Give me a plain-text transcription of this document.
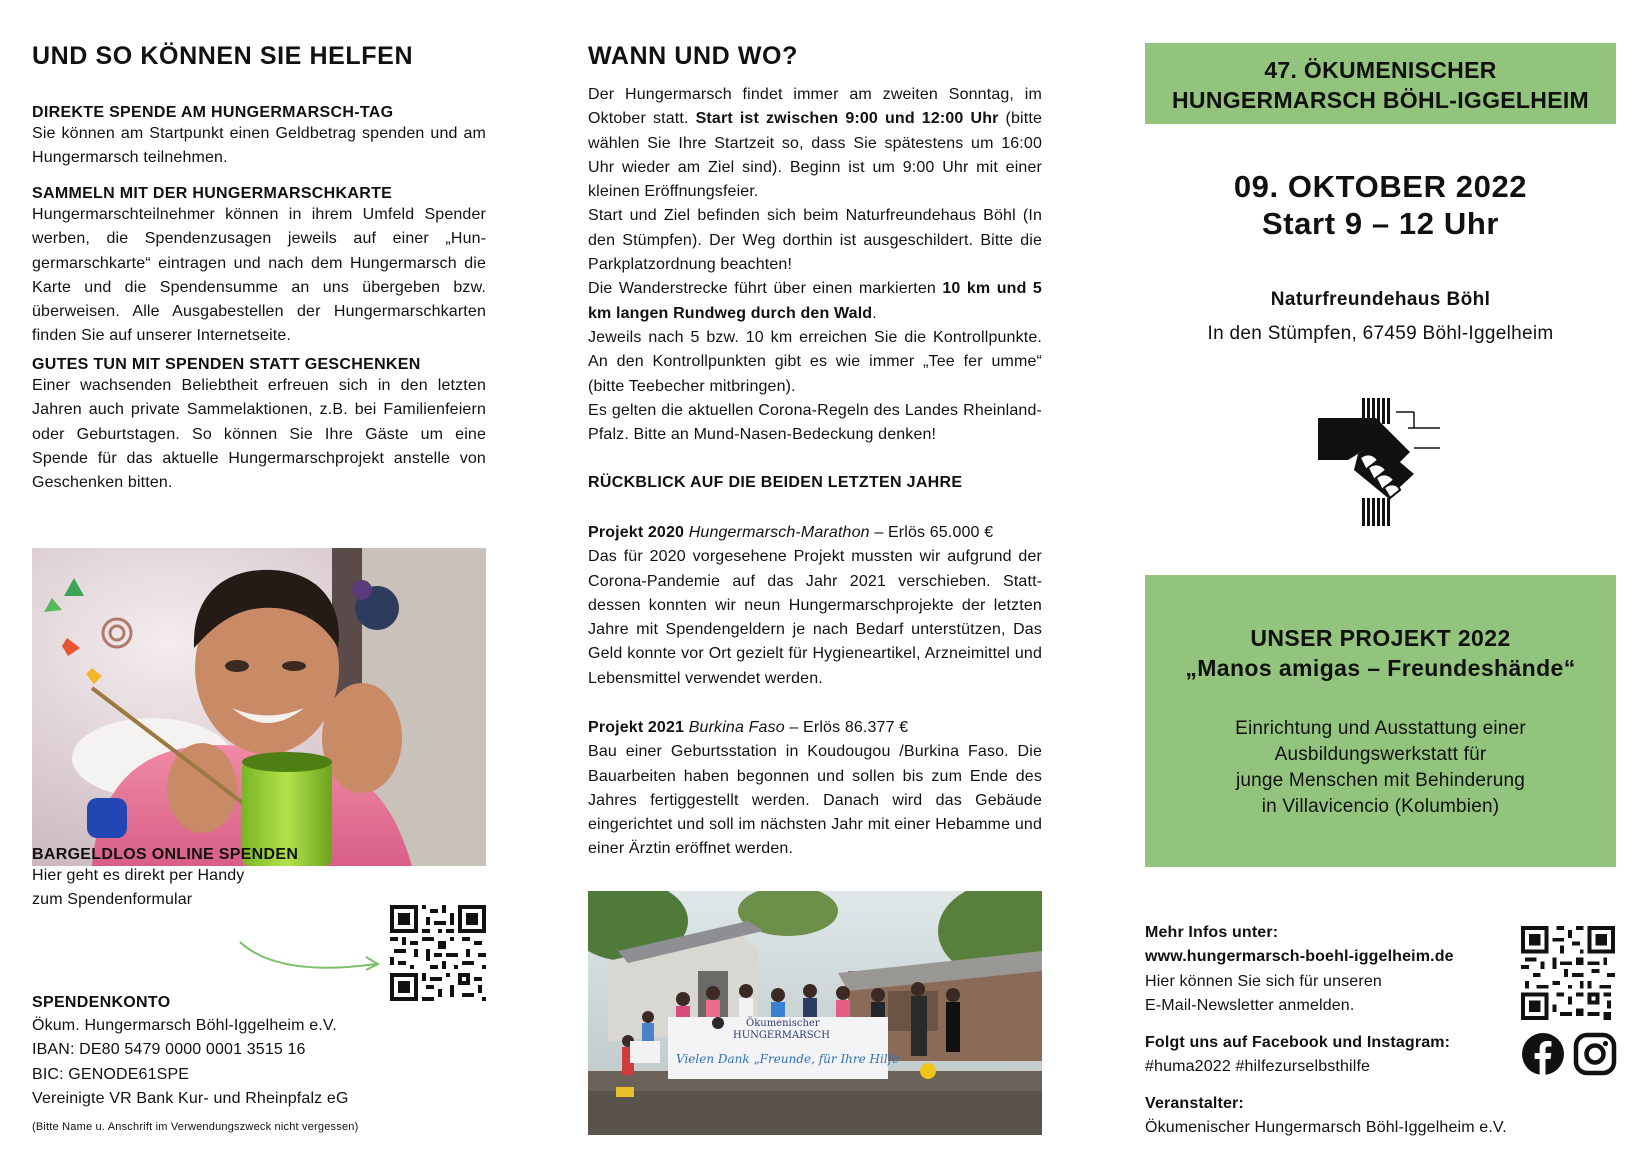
UND SO KÖNNEN SIE HELFEN
DIREKTE SPENDE AM HUNGERMARSCH-TAG

Sie können am Startpunkt einen Geldbetrag spenden und am Hungermarsch teilnehmen.

SAMMELN MIT DER HUNGERMARSCHKARTE

Hungermarschteilnehmer können in ihrem Umfeld Spender werben, die Spendenzusagen jeweils auf einer „Hungermarschkarte“ eintragen und nach dem Hungermarsch die Karte und die Spendensumme an uns übergeben bzw. überweisen. Alle Ausgabestellen der Hungermarschkarten finden Sie auf unserer Internetseite.

GUTES TUN MIT SPENDEN STATT GESCHENKEN

Einer wachsenden Beliebtheit erfreuen sich in den letzten Jahren auch private Sammelaktionen, z.B. bei Familienfeiern oder Geburtstagen. So können Sie Ihre Gäste um eine Spende für das aktuelle Hungermarschprojekt anstelle von Geschenken bitten.

BARGELDLOS ONLINE SPENDEN

Hier geht es direkt per Handy

zum Spendenformular

SPENDENKONTO

Ökum. Hungermarsch Böhl-Iggelheim e.V.

IBAN: DE80 5479 0000 0001 3515 16

BIC: GENODE61SPE

Vereinigte VR Bank Kur- und Rheinpfalz eG

(Bitte Name u. Anschrift im Verwendungszweck nicht vergessen)

WANN UND WO?

Der Hungermarsch findet immer am zweiten Sonntag, im Oktober statt. Start ist zwischen 9:00 und 12:00 Uhr (bitte wählen Sie Ihre Startzeit so, dass Sie spätestens um 16:00 Uhr wieder am Ziel sind). Beginn ist um 9:00 Uhr mit einer kleinen Eröffnungsfeier.

Start und Ziel befinden sich beim Naturfreundehaus Böhl (In den Stümpfen). Der Weg dorthin ist ausgeschildert. Bitte die Parkplatzordnung beachten!

Die Wanderstrecke führt über einen markierten 10 km und 5 km langen Rundweg durch den Wald.

Jeweils nach 5 bzw. 10 km erreichen Sie die Kontrollpunkte. An den Kontrollpunkten gibt es wie immer „Tee fer umme“ (bitte Teebecher mitbringen).

Es gelten die aktuellen Corona-Regeln des Landes Rheinland-Pfalz. Bitte an Mund-Nasen-Bedeckung denken!

RÜCKBLICK AUF DIE BEIDEN LETZTEN JAHRE

Projekt 2020 Hungermarsch-Marathon – Erlös 65.000 €

Das für 2020 vorgesehene Projekt mussten wir aufgrund der Corona-Pandemie auf das Jahr 2021 verschieben. Stattdessen konnten wir neun Hungermarschprojekte der letzten Jahre mit Spendengeldern je nach Bedarf unterstützen, Das Geld konnte vor Ort gezielt für Hygieneartikel, Arzneimittel und Lebensmittel verwendet werden.

Projekt 2021 Burkina Faso – Erlös 86.377 €

Bau einer Geburtsstation in Koudougou /Burkina Faso. Die Bauarbeiten haben begonnen und sollen bis zum Ende des Jahres fertiggestellt werden. Danach wird das Gebäude eingerichtet und soll im nächsten Jahr mit einer Hebamme und einer Ärztin eröffnet werden.

Ökumenischer
HUNGERMARSCH
Vielen Dank „Freunde, für Ihre Hilfe
47. ÖKUMENISCHER
HUNGERMARSCH BÖHL-IGGELHEIM
09. OKTOBER 2022
Start 9 – 12 Uhr
Naturfreundehaus Böhl
In den Stümpfen, 67459 Böhl-Iggelheim
UNSER PROJEKT 2022
„Manos amigas – Freundeshände“
Einrichtung und Ausstattung einer
Ausbildungswerkstatt für
junge Menschen mit Behinderung
in Villavicencio (Kolumbien)

Mehr Infos unter:

www.hungermarsch-boehl-iggelheim.de

Hier können Sie sich für unseren

E-Mail-Newsletter anmelden.

Folgt uns auf Facebook und Instagram:

#huma2022 #hilfezurselbsthilfe

Veranstalter:

Ökumenischer Hungermarsch Böhl-Iggelheim e.V.
